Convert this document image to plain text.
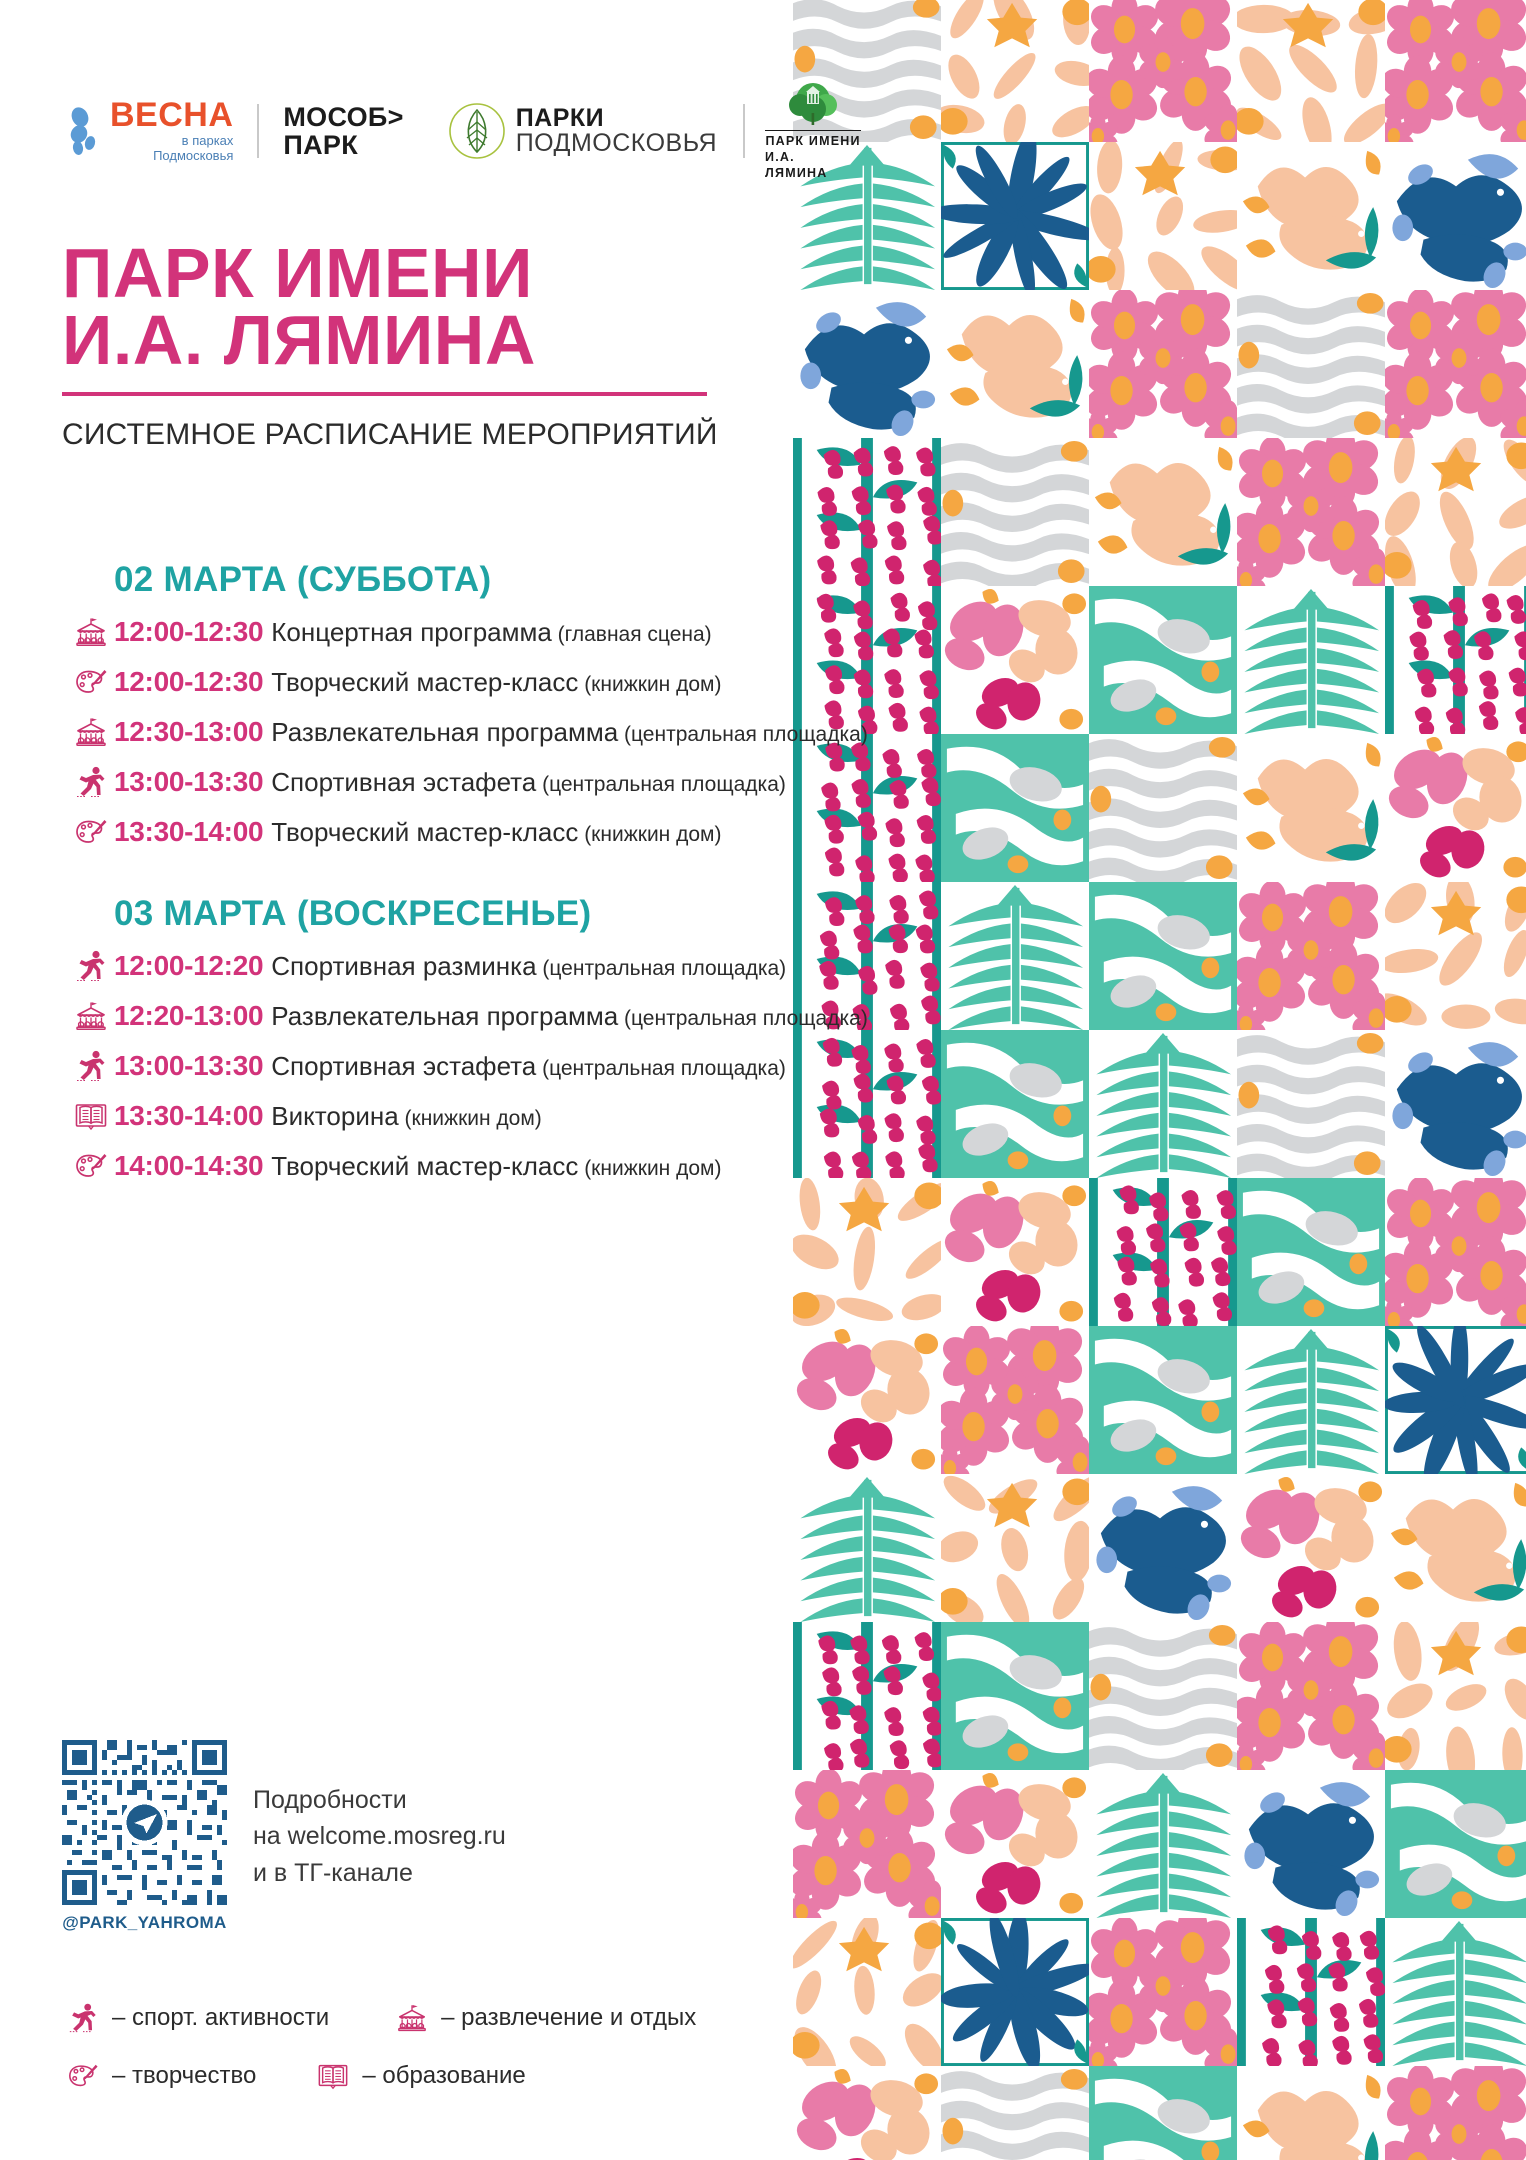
ВЕСНА
в парках
Подмосковья
МОСОБ>
ПАРК
ПАРКИ
ПОДМОСКОВЬЯ	ПАРК ИМЕНИ
И.А. ЛЯМИНА
ПАРК ИМЕНИ
И.А. ЛЯМИНА
СИСТЕМНОЕ РАСПИСАНИЕ МЕРОПРИЯТИЙ
02 МАРТА (СУББОТА)
12:00-12:30 Концертная программа (главная сцена)
12:00-12:30 Творческий мастер-класс (книжкин дом)
12:30-13:00 Развлекательная программа (центральная площадка)
13:00-13:30 Спортивная эстафета (центральная площадка)
13:30-14:00 Творческий мастер-класс (книжкин дом)
03 МАРТА (ВОСКРЕСЕНЬЕ)
12:00-12:20 Спортивная разминка (центральная площадка)
12:20-13:00 Развлекательная программа (центральная площадка)
13:00-13:30 Спортивная эстафета (центральная площадка)
13:30-14:00 Викторина (книжкин дом)
14:00-14:30 Творческий мастер-класс (книжкин дом)
@PARK_YAHROMA
Подробности
на welcome.mosreg.ru
и в ТГ-канале
– спорт. активности	– развлечение и отдых
– творчество	– образование
